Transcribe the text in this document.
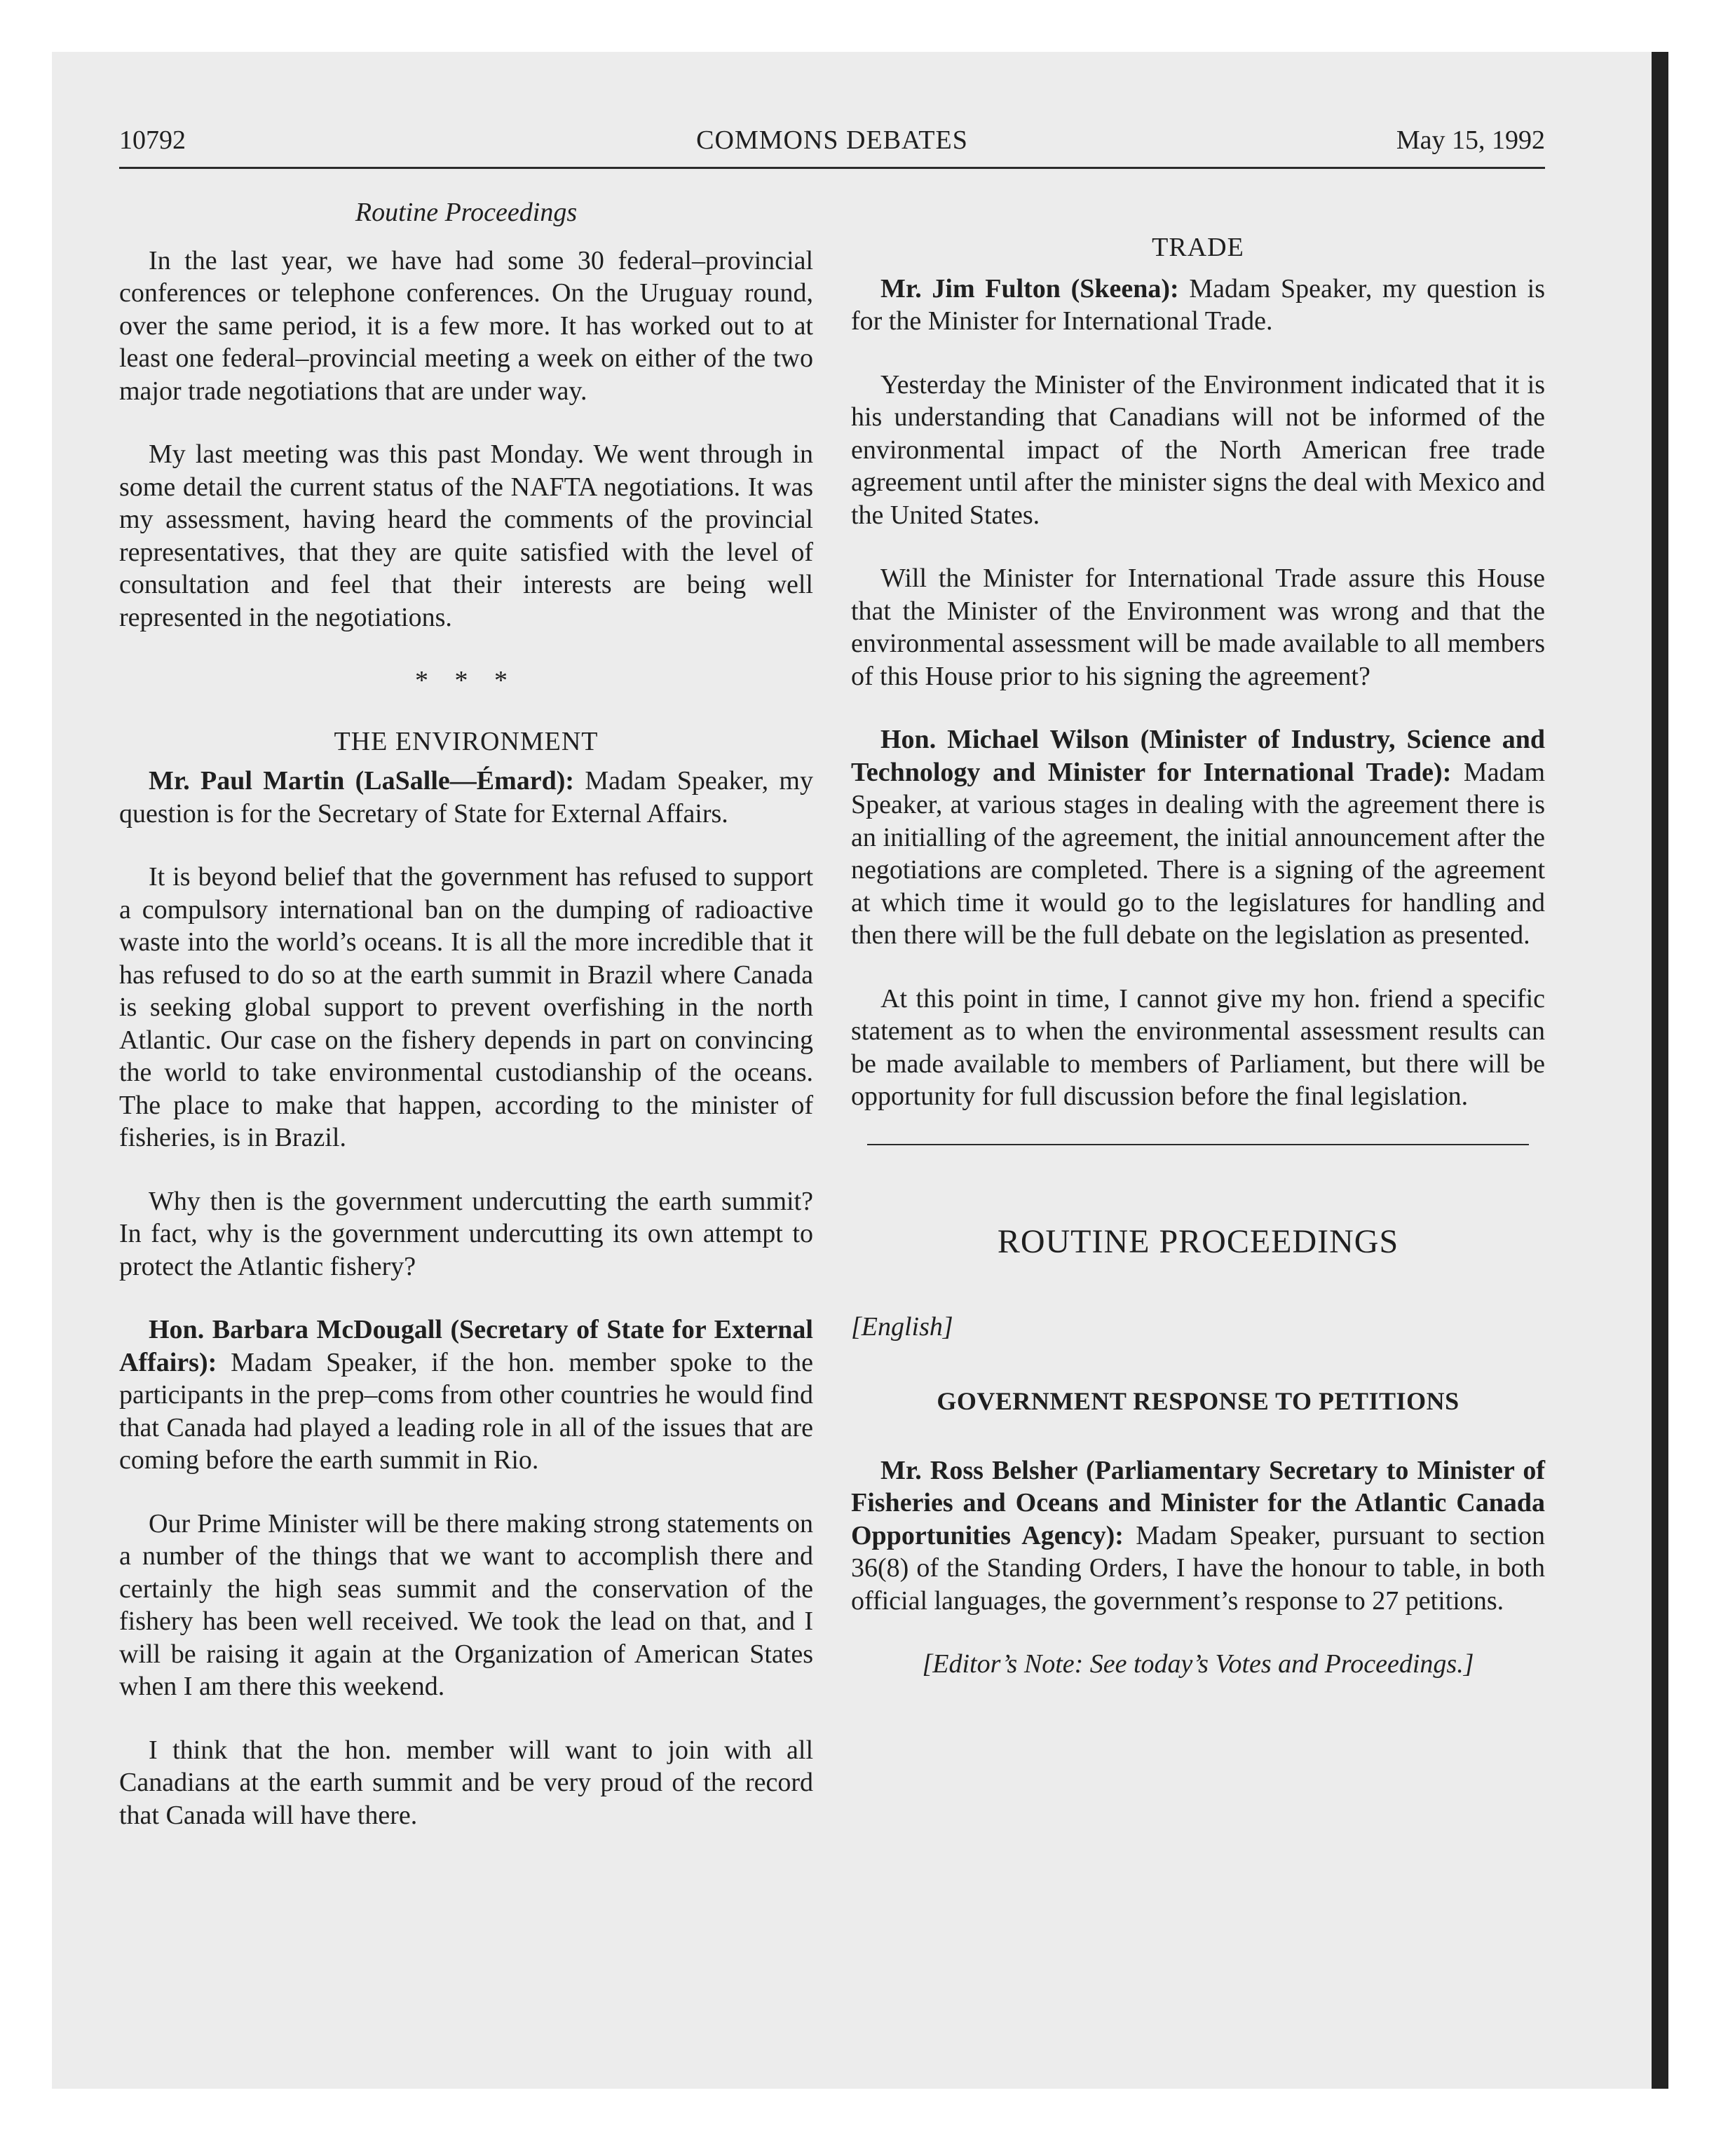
10792	COMMONS DEBATES	May 15, 1992
Routine Proceedings

In the last year, we have had some 30 federal–provincial conferences or telephone conferences. On the Uruguay round, over the same period, it is a few more. It has worked out to at least one federal–provincial meeting a week on either of the two major trade negotiations that are under way.

My last meeting was this past Monday. We went through in some detail the current status of the NAFTA negotiations. It was my assessment, having heard the comments of the provincial representatives, that they are quite satisfied with the level of consultation and feel that their interests are being well represented in the negotiations.

* * *
THE ENVIRONMENT

Mr. Paul Martin (LaSalle—Émard): Madam Speaker, my question is for the Secretary of State for External Affairs.

It is beyond belief that the government has refused to support a compulsory international ban on the dumping of radioactive waste into the world’s oceans. It is all the more incredible that it has refused to do so at the earth summit in Brazil where Canada is seeking global support to prevent overfishing in the north Atlantic. Our case on the fishery depends in part on convincing the world to take environmental custodianship of the oceans. The place to make that happen, according to the minister of fisheries, is in Brazil.

Why then is the government undercutting the earth summit? In fact, why is the government undercutting its own attempt to protect the Atlantic fishery?

Hon. Barbara McDougall (Secretary of State for External Affairs): Madam Speaker, if the hon. member spoke to the participants in the prep–coms from other countries he would find that Canada had played a leading role in all of the issues that are coming before the earth summit in Rio.

Our Prime Minister will be there making strong statements on a number of the things that we want to accomplish there and certainly the high seas summit and the conservation of the fishery has been well received. We took the lead on that, and I will be raising it again at the Organization of American States when I am there this weekend.

I think that the hon. member will want to join with all Canadians at the earth summit and be very proud of the record that Canada will have there.

TRADE

Mr. Jim Fulton (Skeena): Madam Speaker, my question is for the Minister for International Trade.

Yesterday the Minister of the Environment indicated that it is his understanding that Canadians will not be informed of the environmental impact of the North American free trade agreement until after the minister signs the deal with Mexico and the United States.

Will the Minister for International Trade assure this House that the Minister of the Environment was wrong and that the environmental assessment will be made available to all members of this House prior to his signing the agreement?

Hon. Michael Wilson (Minister of Industry, Science and Technology and Minister for International Trade): Madam Speaker, at various stages in dealing with the agreement there is an initialling of the agreement, the initial announcement after the negotiations are completed. There is a signing of the agreement at which time it would go to the legislatures for handling and then there will be the full debate on the legislation as presented.

At this point in time, I cannot give my hon. friend a specific statement as to when the environmental assessment results can be made available to members of Parliament, but there will be opportunity for full discussion before the final legislation.

ROUTINE PROCEEDINGS
[English]
GOVERNMENT RESPONSE TO PETITIONS

Mr. Ross Belsher (Parliamentary Secretary to Minister of Fisheries and Oceans and Minister for the Atlantic Canada Opportunities Agency): Madam Speaker, pursuant to section 36(8) of the Standing Orders, I have the honour to table, in both official languages, the government’s response to 27 petitions.

[Editor’s Note: See today’s Votes and Proceedings.]
